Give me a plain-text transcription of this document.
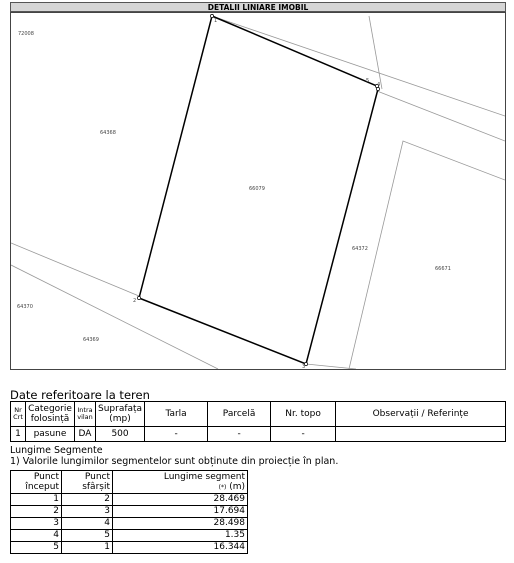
DETALII LINIARE IMOBIL
1
5
4
3
2
72008
64368
66079
64372
66671
64370
64369
Date referitoare la teren
Nr Crt	Categorie folosință	Intra vilan	Suprafața (mp)	Tarla	Parcelă	Nr. topo	Observații / Referințe
1	pasune	DA	500	-	-	-	
Lungime Segmente
1) Valorile lungimilor segmentelor sunt obținute din proiecție în plan.
Punct început	Punct sfârșit	Lungime segment
(*) (m)
1	2	28.469
2	3	17.694
3	4	28.498
4	5	1.35
5	1	16.344
